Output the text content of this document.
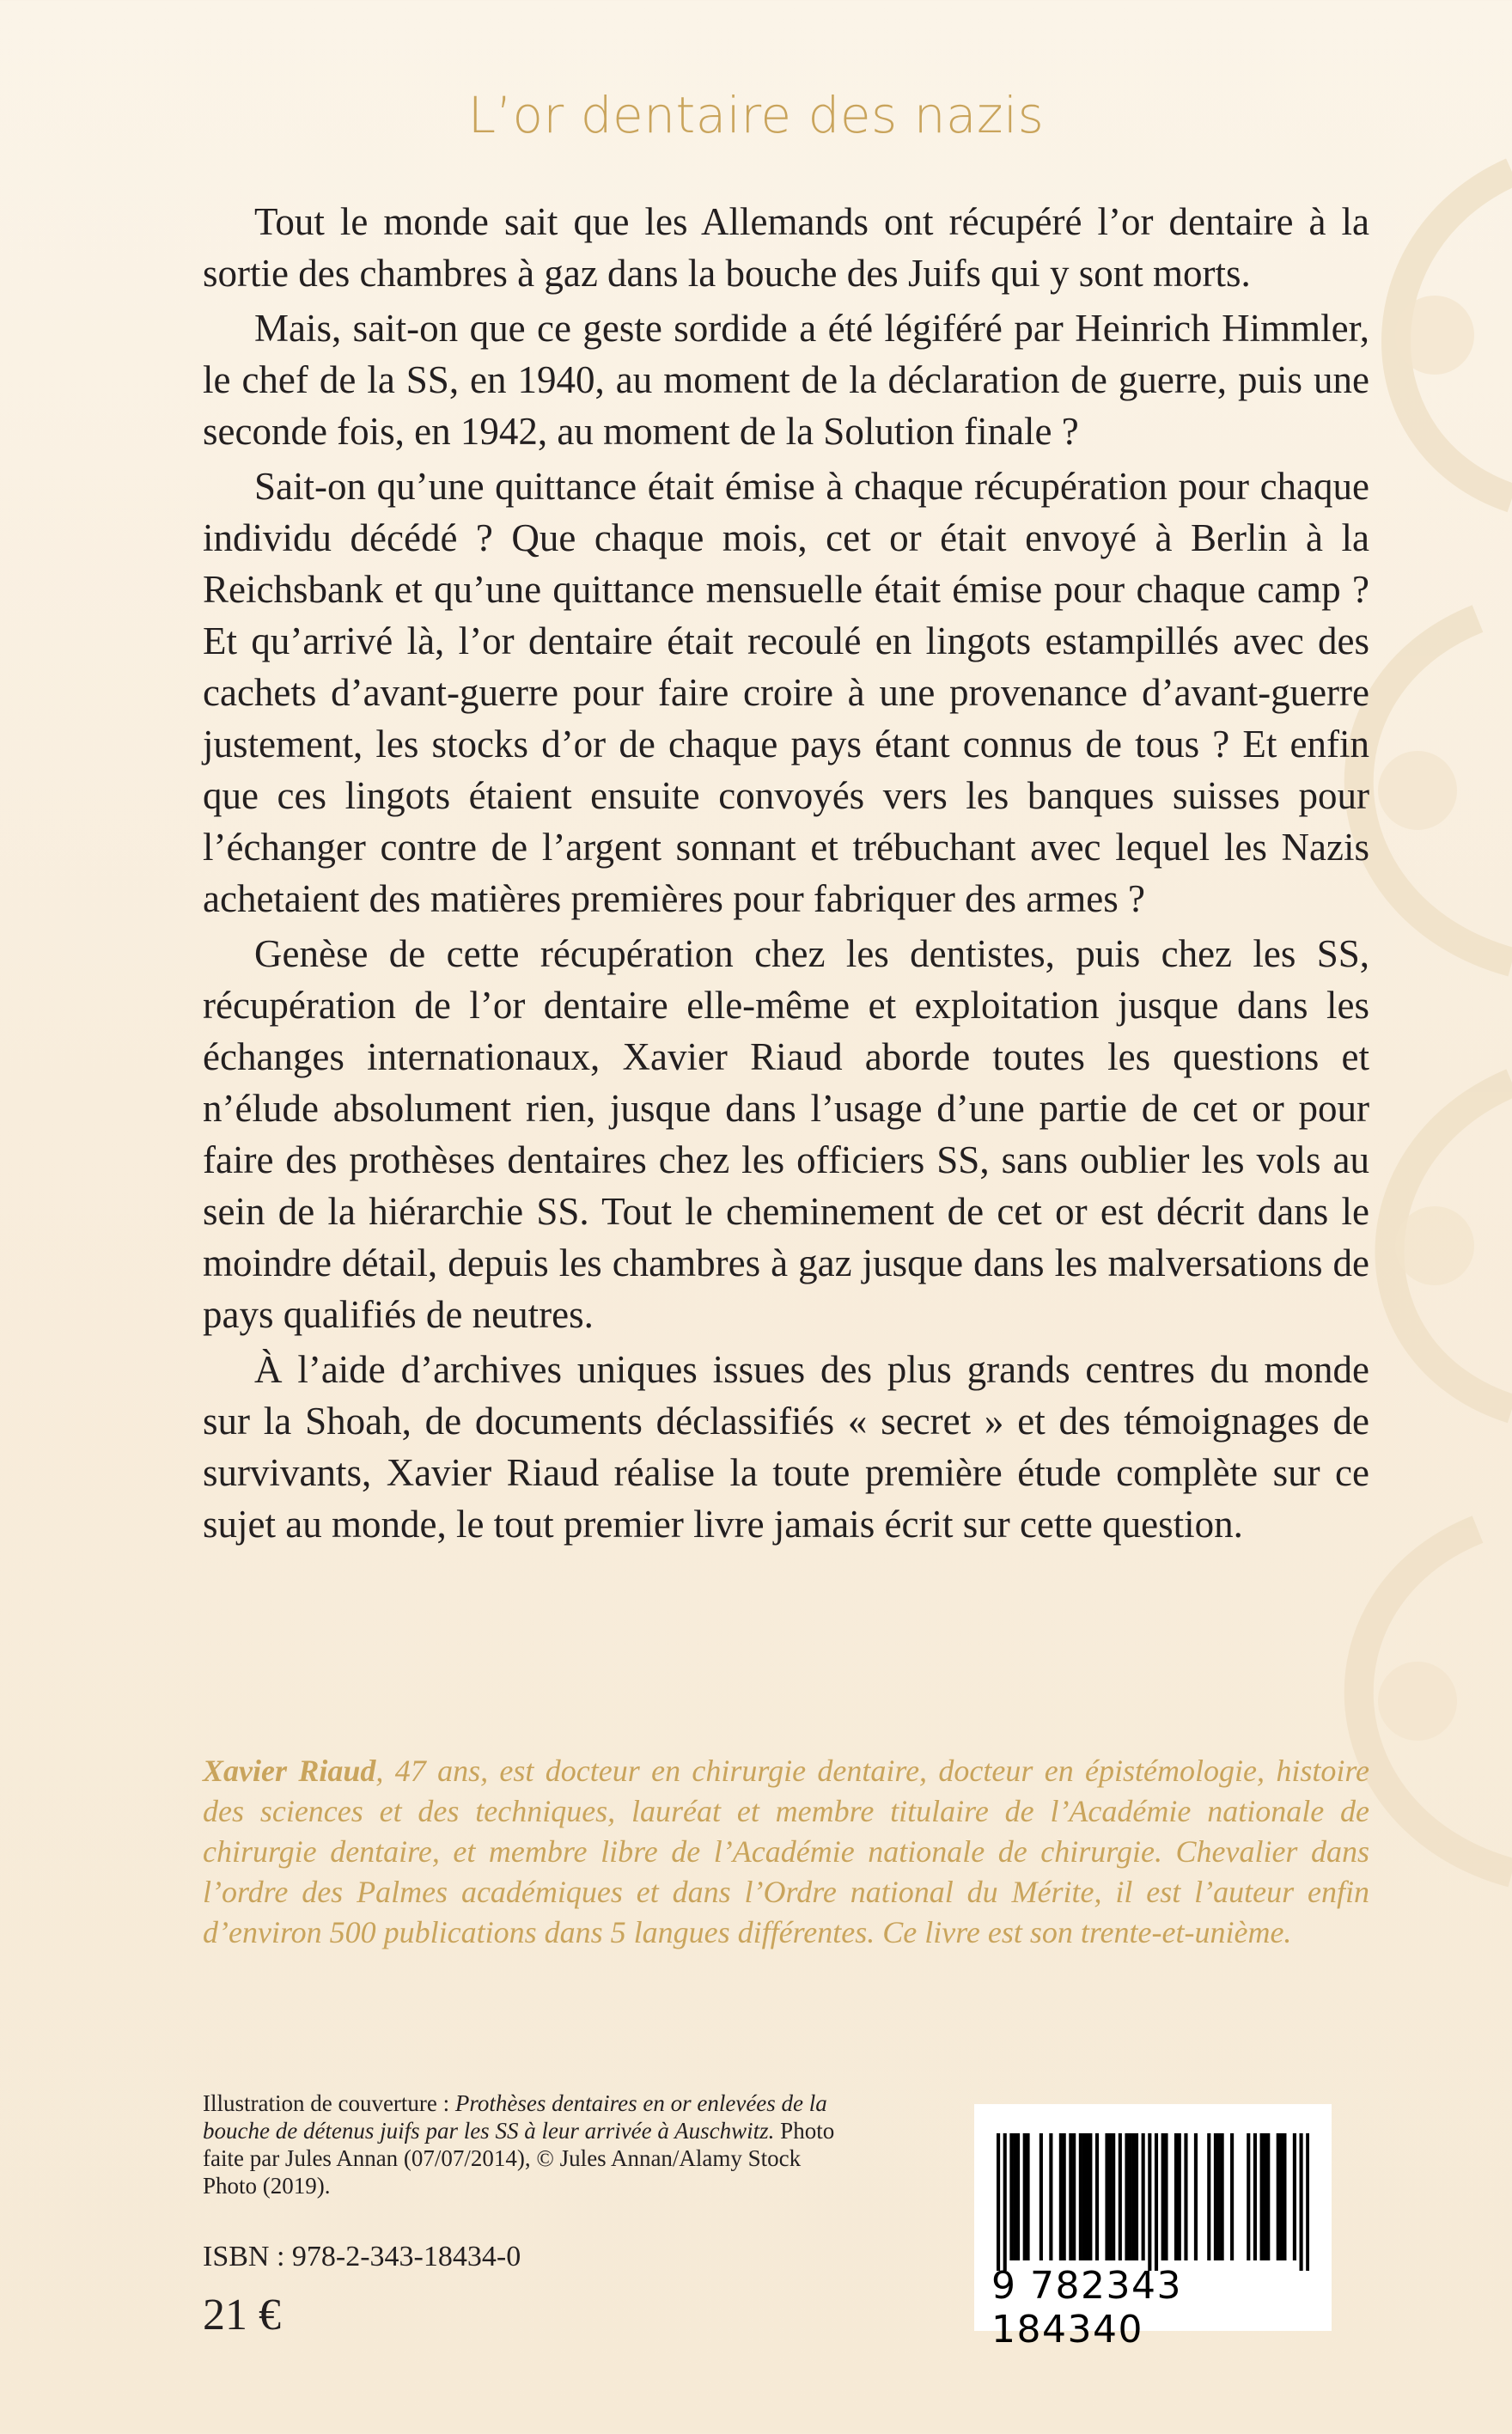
L’or dentaire des nazis

Tout le monde sait que les Allemands ont récupéré l’or dentaire à la sortie des chambres à gaz dans la bouche des Juifs qui y sont morts.

Mais, sait-on que ce geste sordide a été légiféré par Heinrich Himmler, le chef de la SS, en 1940, au moment de la déclaration de guerre, puis une seconde fois, en 1942, au moment de la Solution finale ?

Sait-on qu’une quittance était émise à chaque récupération pour chaque individu décédé ? Que chaque mois, cet or était envoyé à Berlin à la Reichsbank et qu’une quittance mensuelle était émise pour chaque camp ? Et qu’arrivé là, l’or dentaire était recoulé en lingots estampillés avec des cachets d’avant-guerre pour faire croire à une provenance d’avant-guerre justement, les stocks d’or de chaque pays étant connus de tous ? Et enfin que ces lingots étaient ensuite convoyés vers les banques suisses pour l’échanger contre de l’argent sonnant et trébuchant avec lequel les Nazis achetaient des matières premières pour fabriquer des armes ?

Genèse de cette récupération chez les dentistes, puis chez les SS, récupération de l’or dentaire elle-même et exploitation jusque dans les échanges internationaux, Xavier Riaud aborde toutes les questions et n’élude absolument rien, jusque dans l’usage d’une partie de cet or pour faire des prothèses dentaires chez les officiers SS, sans oublier les vols au sein de la hiérarchie SS. Tout le cheminement de cet or est décrit dans le moindre détail, depuis les chambres à gaz jusque dans les malversations de pays qualifiés de neutres.

À l’aide d’archives uniques issues des plus grands centres du monde sur la Shoah, de documents déclassifiés « secret » et des témoignages de survivants, Xavier Riaud réalise la toute première étude complète sur ce sujet au monde, le tout premier livre jamais écrit sur cette question.

Xavier Riaud, 47 ans, est docteur en chirurgie dentaire, docteur en épistémologie, histoire des sciences et des techniques, lauréat et membre titulaire de l’Académie nationale de chirurgie dentaire, et membre libre de l’Académie nationale de chirurgie. Chevalier dans l’ordre des Palmes académiques et dans l’Ordre national du Mérite, il est l’auteur enfin d’environ 500 publications dans 5 langues différentes. Ce livre est son trente-et-unième.
Illustration de couverture : Prothèses dentaires en or enlevées de la bouche de détenus juifs par les SS à leur arrivée à Auschwitz. Photo faite par Jules Annan (07/07/2014), © Jules Annan/Alamy Stock Photo (2019).
ISBN : 978-2-343-18434-0
21 €
9 782343 184340
